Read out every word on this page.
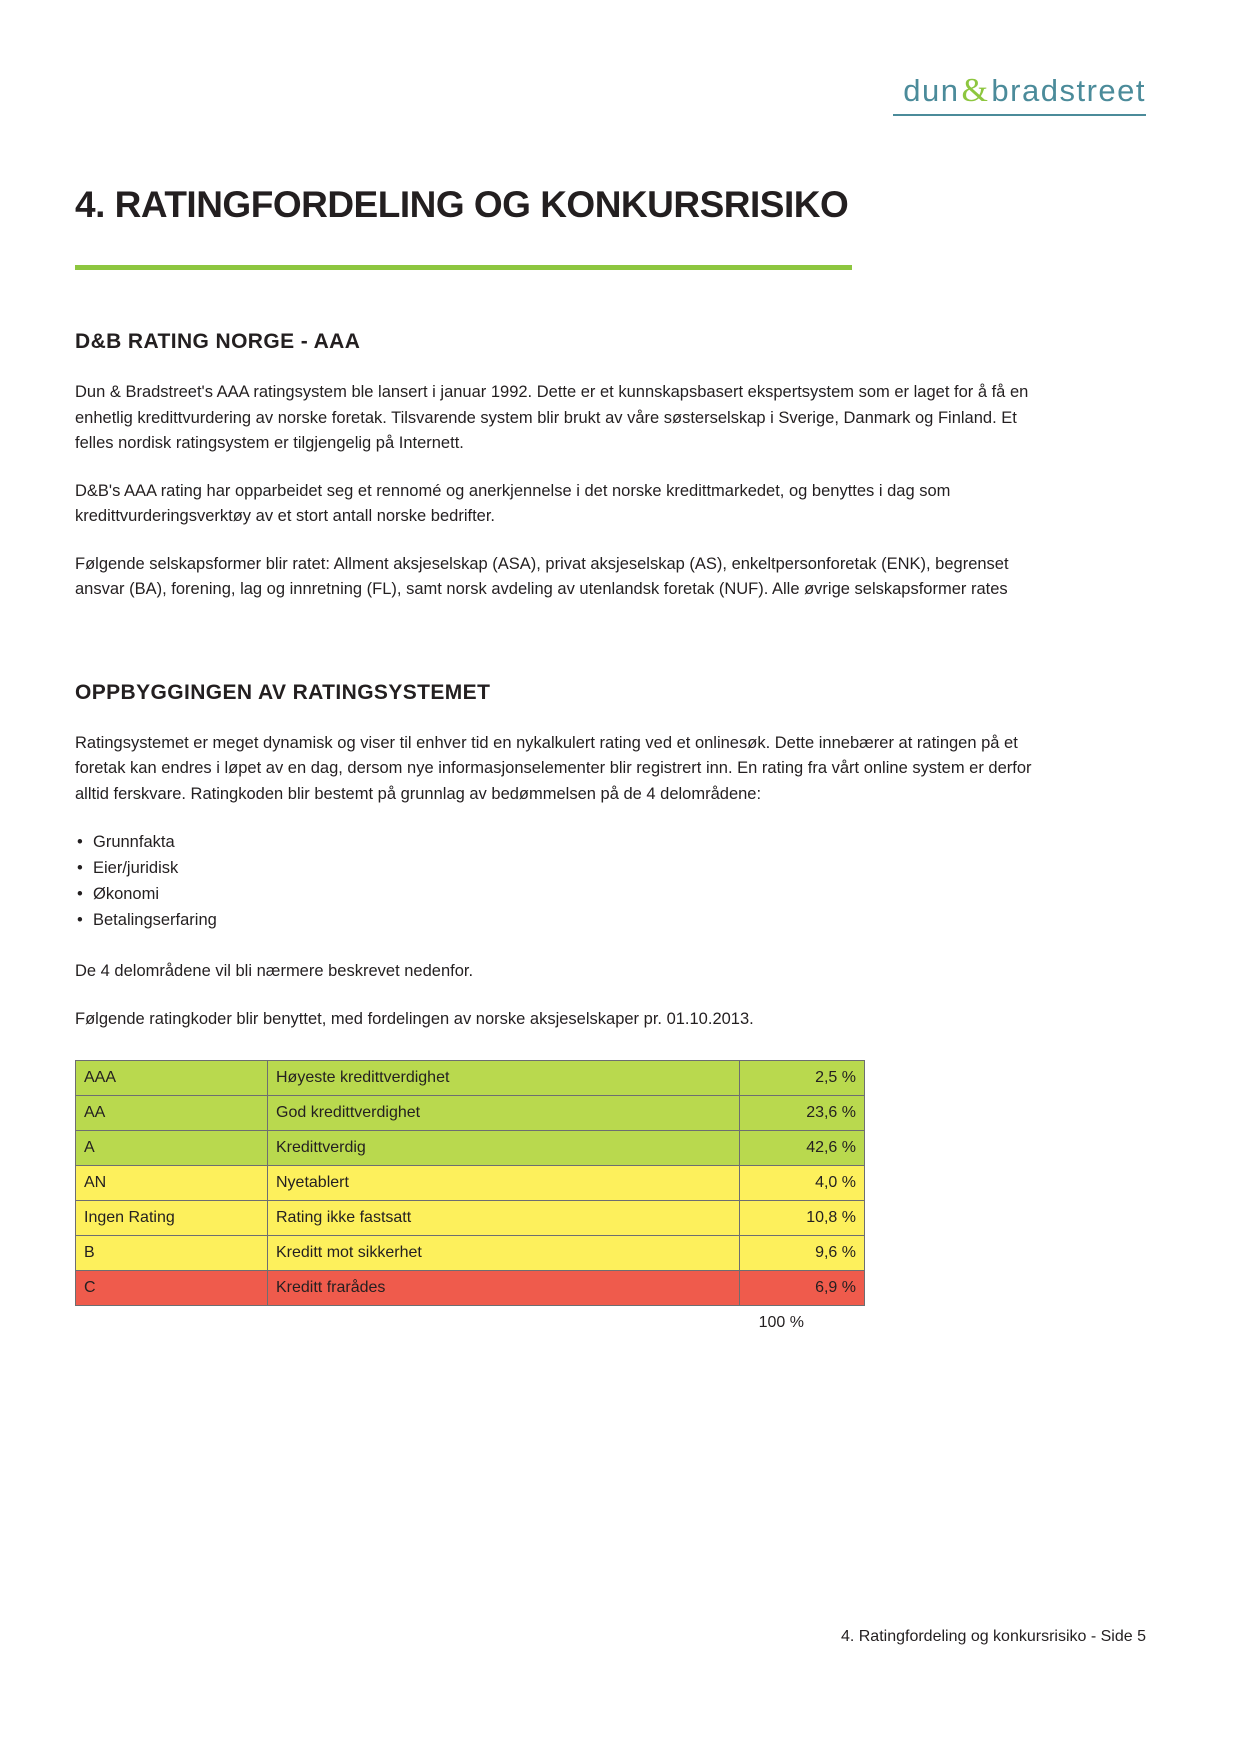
dun & bradstreet
4. RATINGFORDELING OG KONKURSRISIKO
D&B RATING NORGE - AAA

Dun & Bradstreet's AAA ratingsystem ble lansert i januar 1992. Dette er et kunnskapsbasert ekspertsystem som er laget for å få en enhetlig kredittvurdering av norske foretak. Tilsvarende system blir brukt av våre søsterselskap i Sverige, Danmark og Finland. Et felles nordisk ratingsystem er tilgjengelig på Internett.

D&B's AAA rating har opparbeidet seg et rennomé og anerkjennelse i det norske kredittmarkedet, og benyttes i dag som kredittvurderingsverktøy av et stort antall norske bedrifter.

Følgende selskapsformer blir ratet: Allment aksjeselskap (ASA), privat aksjeselskap (AS), enkeltpersonforetak (ENK), begrenset ansvar (BA), forening, lag og innretning (FL), samt norsk avdeling av utenlandsk foretak (NUF). Alle øvrige selskapsformer rates

OPPBYGGINGEN AV RATINGSYSTEMET

Ratingsystemet er meget dynamisk og viser til enhver tid en nykalkulert rating ved et onlinesøk. Dette innebærer at ratingen på et foretak kan endres i løpet av en dag, dersom nye informasjonselementer blir registrert inn. En rating fra vårt online system er derfor alltid ferskvare. Ratingkoden blir bestemt på grunnlag av bedømmelsen på de 4 delområdene:

• Grunnfakta
• Eier/juridisk
• Økonomi
• Betalingserfaring

De 4 delområdene vil bli nærmere beskrevet nedenfor.

Følgende ratingkoder blir benyttet, med fordelingen av norske aksjeselskaper pr. 01.10.2013.

AAA	Høyeste kredittverdighet	2,5 %
AA	God kredittverdighet	23,6 %
A	Kredittverdig	42,6 %
AN	Nyetablert	4,0 %
Ingen Rating	Rating ikke fastsatt	10,8 %
B	Kreditt mot sikkerhet	9,6 %
C	Kreditt frarådes	6,9 %
100 %
4. Ratingfordeling og konkursrisiko - Side 5
